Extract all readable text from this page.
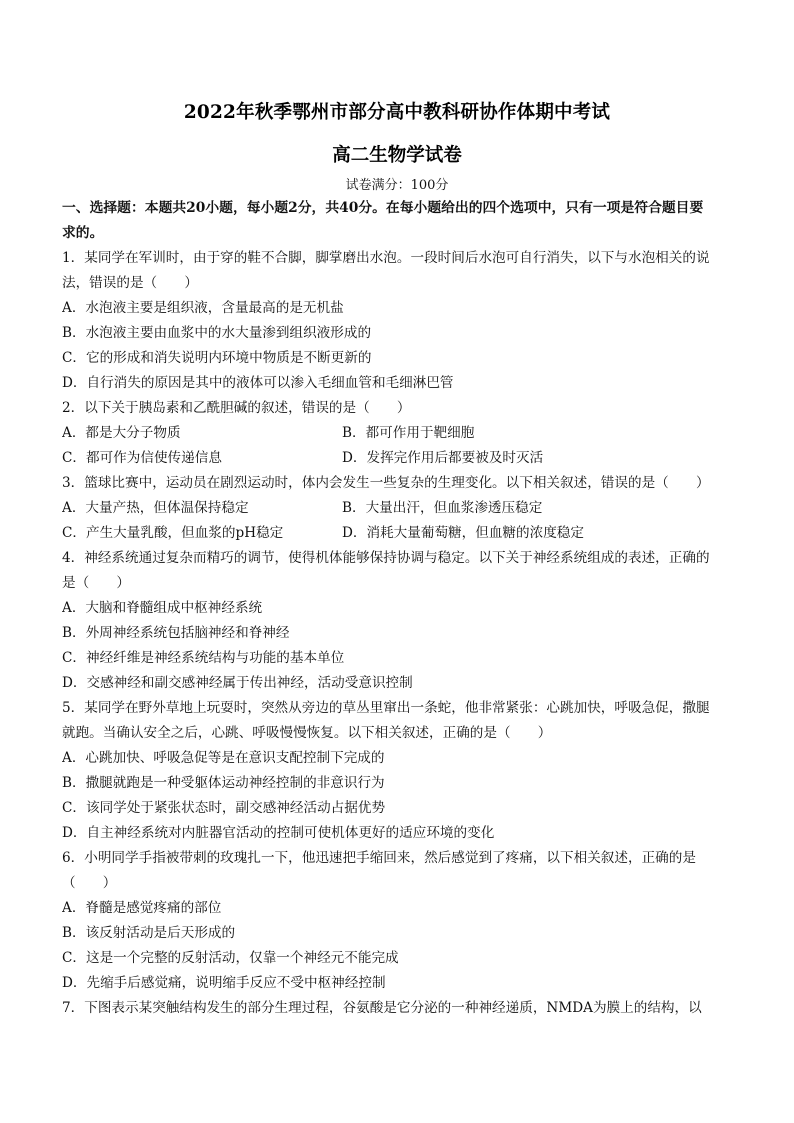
2022年秋季鄂州市部分高中教科研协作体期中考试
高二生物学试卷
试卷满分：100分
一、选择题：本题共20小题，每小题2分，共40分。在每小题给出的四个选项中，只有一项是符合题目要
求的。
1．某同学在军训时，由于穿的鞋不合脚，脚掌磨出水泡。一段时间后水泡可自行消失，以下与水泡相关的说
法，错误的是（　　）
A．水泡液主要是组织液，含量最高的是无机盐
B．水泡液主要由血浆中的水大量渗到组织液形成的
C．它的形成和消失说明内环境中物质是不断更新的
D．自行消失的原因是其中的液体可以渗入毛细血管和毛细淋巴管
2．以下关于胰岛素和乙酰胆碱的叙述，错误的是（　　）
A．都是大分子物质	B．都可作用于靶细胞
C．都可作为信使传递信息	D．发挥完作用后都要被及时灭活
3．篮球比赛中，运动员在剧烈运动时，体内会发生一些复杂的生理变化。以下相关叙述，错误的是（　　）
A．大量产热，但体温保持稳定	B．大量出汗，但血浆渗透压稳定
C．产生大量乳酸，但血浆的pH稳定	D．消耗大量葡萄糖，但血糖的浓度稳定
4．神经系统通过复杂而精巧的调节，使得机体能够保持协调与稳定。以下关于神经系统组成的表述，正确的
是（　　）
A．大脑和脊髓组成中枢神经系统
B．外周神经系统包括脑神经和脊神经
C．神经纤维是神经系统结构与功能的基本单位
D．交感神经和副交感神经属于传出神经，活动受意识控制
5．某同学在野外草地上玩耍时，突然从旁边的草丛里窜出一条蛇，他非常紧张：心跳加快，呼吸急促，撒腿
就跑。当确认安全之后，心跳、呼吸慢慢恢复。以下相关叙述，正确的是（　　）
A．心跳加快、呼吸急促等是在意识支配控制下完成的
B．撒腿就跑是一种受躯体运动神经控制的非意识行为
C．该同学处于紧张状态时，副交感神经活动占据优势
D．自主神经系统对内脏器官活动的控制可使机体更好的适应环境的变化
6．小明同学手指被带刺的玫瑰扎一下，他迅速把手缩回来，然后感觉到了疼痛，以下相关叙述，正确的是
（　　）
A．脊髓是感觉疼痛的部位
B．该反射活动是后天形成的
C．这是一个完整的反射活动，仅靠一个神经元不能完成
D．先缩手后感觉痛，说明缩手反应不受中枢神经控制
7．下图表示某突触结构发生的部分生理过程，谷氨酸是它分泌的一种神经递质，NMDA为膜上的结构，以
